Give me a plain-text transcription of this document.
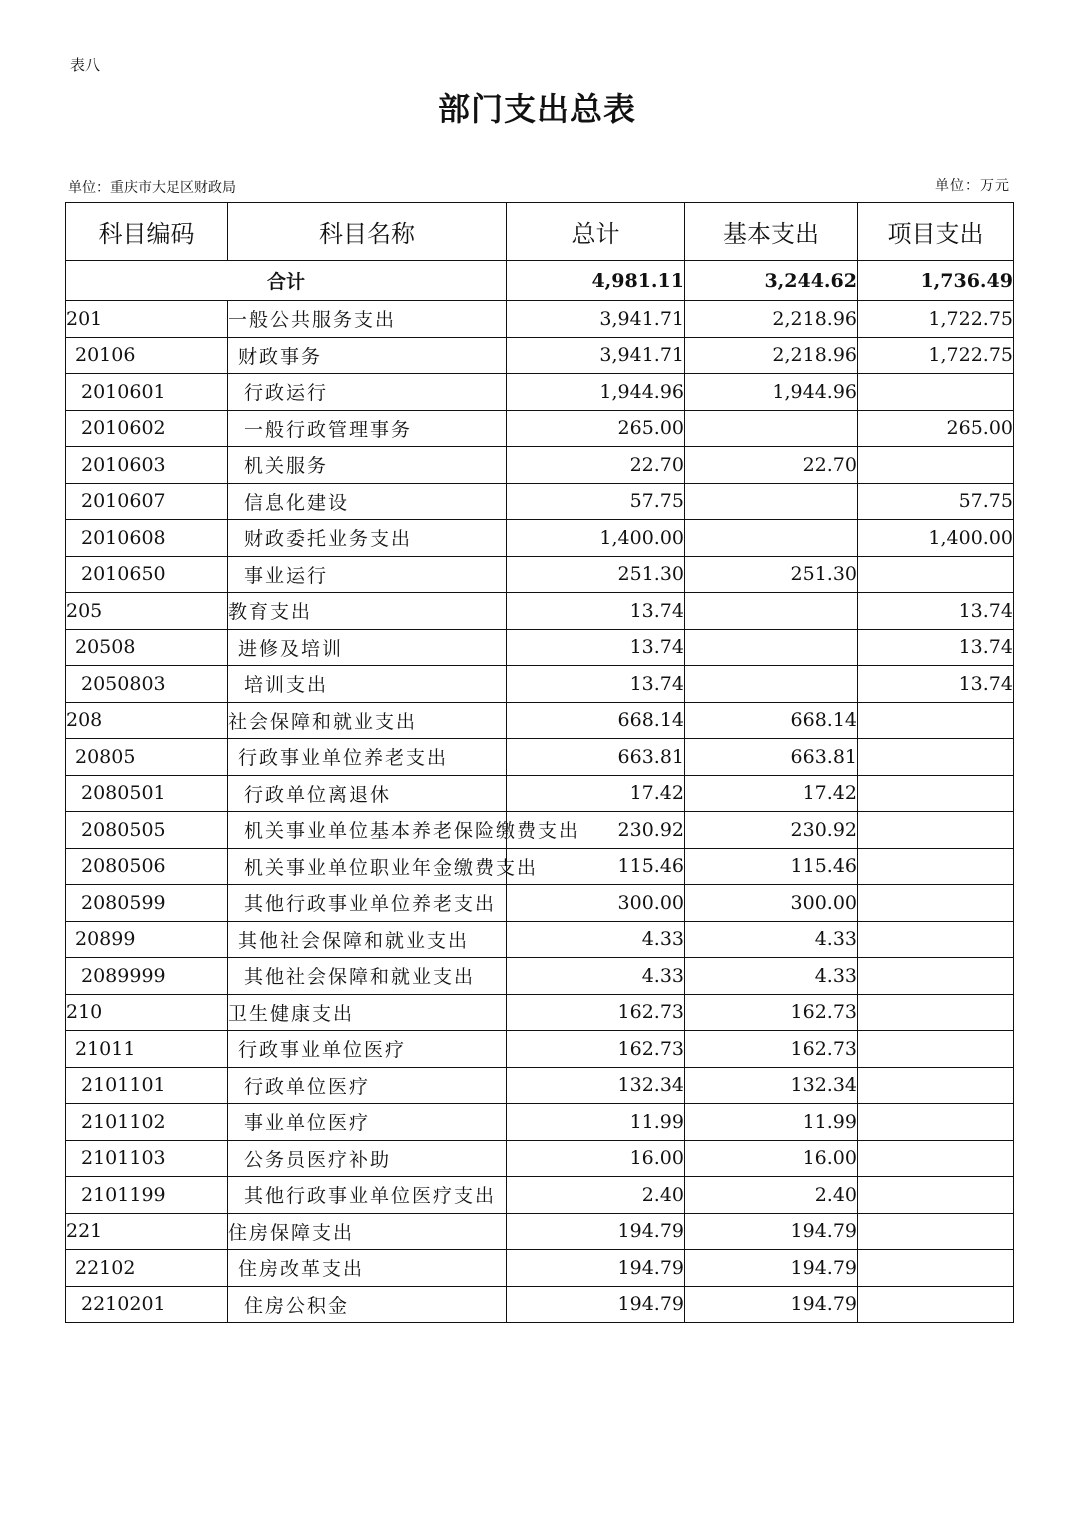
表八
部门支出总表
单位：重庆市大足区财政局	单位：万元
科目编码	科目名称	总计	基本支出	项目支出
合计		4,981.11	3,244.62	1,736.49
201	一般公共服务支出	3,941.71	2,218.96	1,722.75
20106	财政事务	3,941.71	2,218.96	1,722.75
2010601	行政运行	1,944.96	1,944.96	
2010602	一般行政管理事务	265.00		265.00
2010603	机关服务	22.70	22.70	
2010607	信息化建设	57.75		57.75
2010608	财政委托业务支出	1,400.00		1,400.00
2010650	事业运行	251.30	251.30	
205	教育支出	13.74		13.74
20508	进修及培训	13.74		13.74
2050803	培训支出	13.74		13.74
208	社会保障和就业支出	668.14	668.14	
20805	行政事业单位养老支出	663.81	663.81	
2080501	行政单位离退休	17.42	17.42	
2080505	机关事业单位基本养老保险缴费支出	230.92	230.92	
2080506	机关事业单位职业年金缴费支出	115.46	115.46	
2080599	其他行政事业单位养老支出	300.00	300.00	
20899	其他社会保障和就业支出	4.33	4.33	
2089999	其他社会保障和就业支出	4.33	4.33	
210	卫生健康支出	162.73	162.73	
21011	行政事业单位医疗	162.73	162.73	
2101101	行政单位医疗	132.34	132.34	
2101102	事业单位医疗	11.99	11.99	
2101103	公务员医疗补助	16.00	16.00	
2101199	其他行政事业单位医疗支出	2.40	2.40	
221	住房保障支出	194.79	194.79	
22102	住房改革支出	194.79	194.79	
2210201	住房公积金	194.79	194.79	
